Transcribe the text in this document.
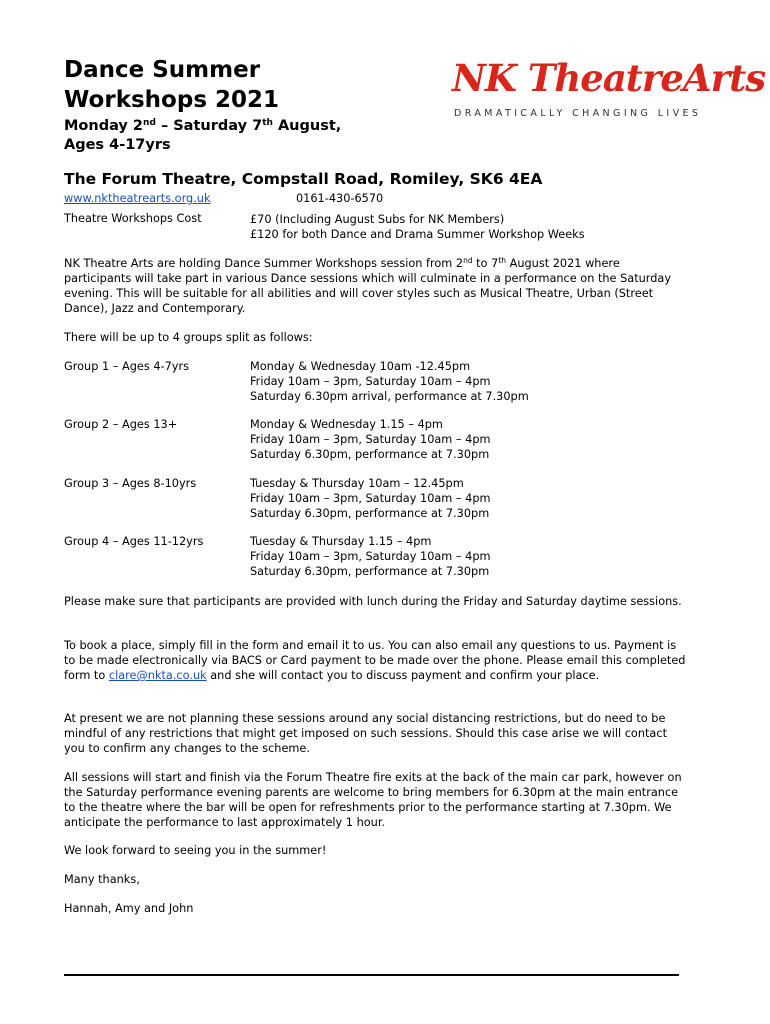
Dance Summer
Workshops 2021
Monday 2nd – Saturday 7th August,
Ages 4-17yrs
NK TheatreArts
DRAMATICALLY CHANGING LIVES
The Forum Theatre, Compstall Road, Romiley, SK6 4EA
www.nktheatrearts.org.uk	0161-430-6570
Theatre Workshops Cost	£70 (Including August Subs for NK Members)
£120 for both Dance and Drama Summer Workshop Weeks
NK Theatre Arts are holding Dance Summer Workshops session from 2nd to 7th August 2021 where participants will take part in various Dance sessions which will culminate in a performance on the Saturday evening. This will be suitable for all abilities and will cover styles such as Musical Theatre, Urban (Street Dance), Jazz and Contemporary.
There will be up to 4 groups split as follows:
Group 1 – Ages 4-7yrs	Monday & Wednesday 10am -12.45pm
Friday 10am – 3pm, Saturday 10am – 4pm
Saturday 6.30pm arrival, performance at 7.30pm
Group 2 – Ages 13+	Monday & Wednesday 1.15 – 4pm
Friday 10am – 3pm, Saturday 10am – 4pm
Saturday 6.30pm, performance at 7.30pm
Group 3 – Ages 8-10yrs	Tuesday & Thursday 10am – 12.45pm
Friday 10am – 3pm, Saturday 10am – 4pm
Saturday 6.30pm, performance at 7.30pm
Group 4 – Ages 11-12yrs	Tuesday & Thursday 1.15 – 4pm
Friday 10am – 3pm, Saturday 10am – 4pm
Saturday 6.30pm, performance at 7.30pm
Please make sure that participants are provided with lunch during the Friday and Saturday daytime sessions.
To book a place, simply fill in the form and email it to us. You can also email any questions to us. Payment is to be made electronically via BACS or Card payment to be made over the phone. Please email this completed form to clare@nkta.co.uk and she will contact you to discuss payment and confirm your place.
At present we are not planning these sessions around any social distancing restrictions, but do need to be mindful of any restrictions that might get imposed on such sessions. Should this case arise we will contact you to confirm any changes to the scheme.
All sessions will start and finish via the Forum Theatre fire exits at the back of the main car park, however on the Saturday performance evening parents are welcome to bring members for 6.30pm at the main entrance to the theatre where the bar will be open for refreshments prior to the performance starting at 7.30pm. We anticipate the performance to last approximately 1 hour.
We look forward to seeing you in the summer!
Many thanks,
Hannah, Amy and John
